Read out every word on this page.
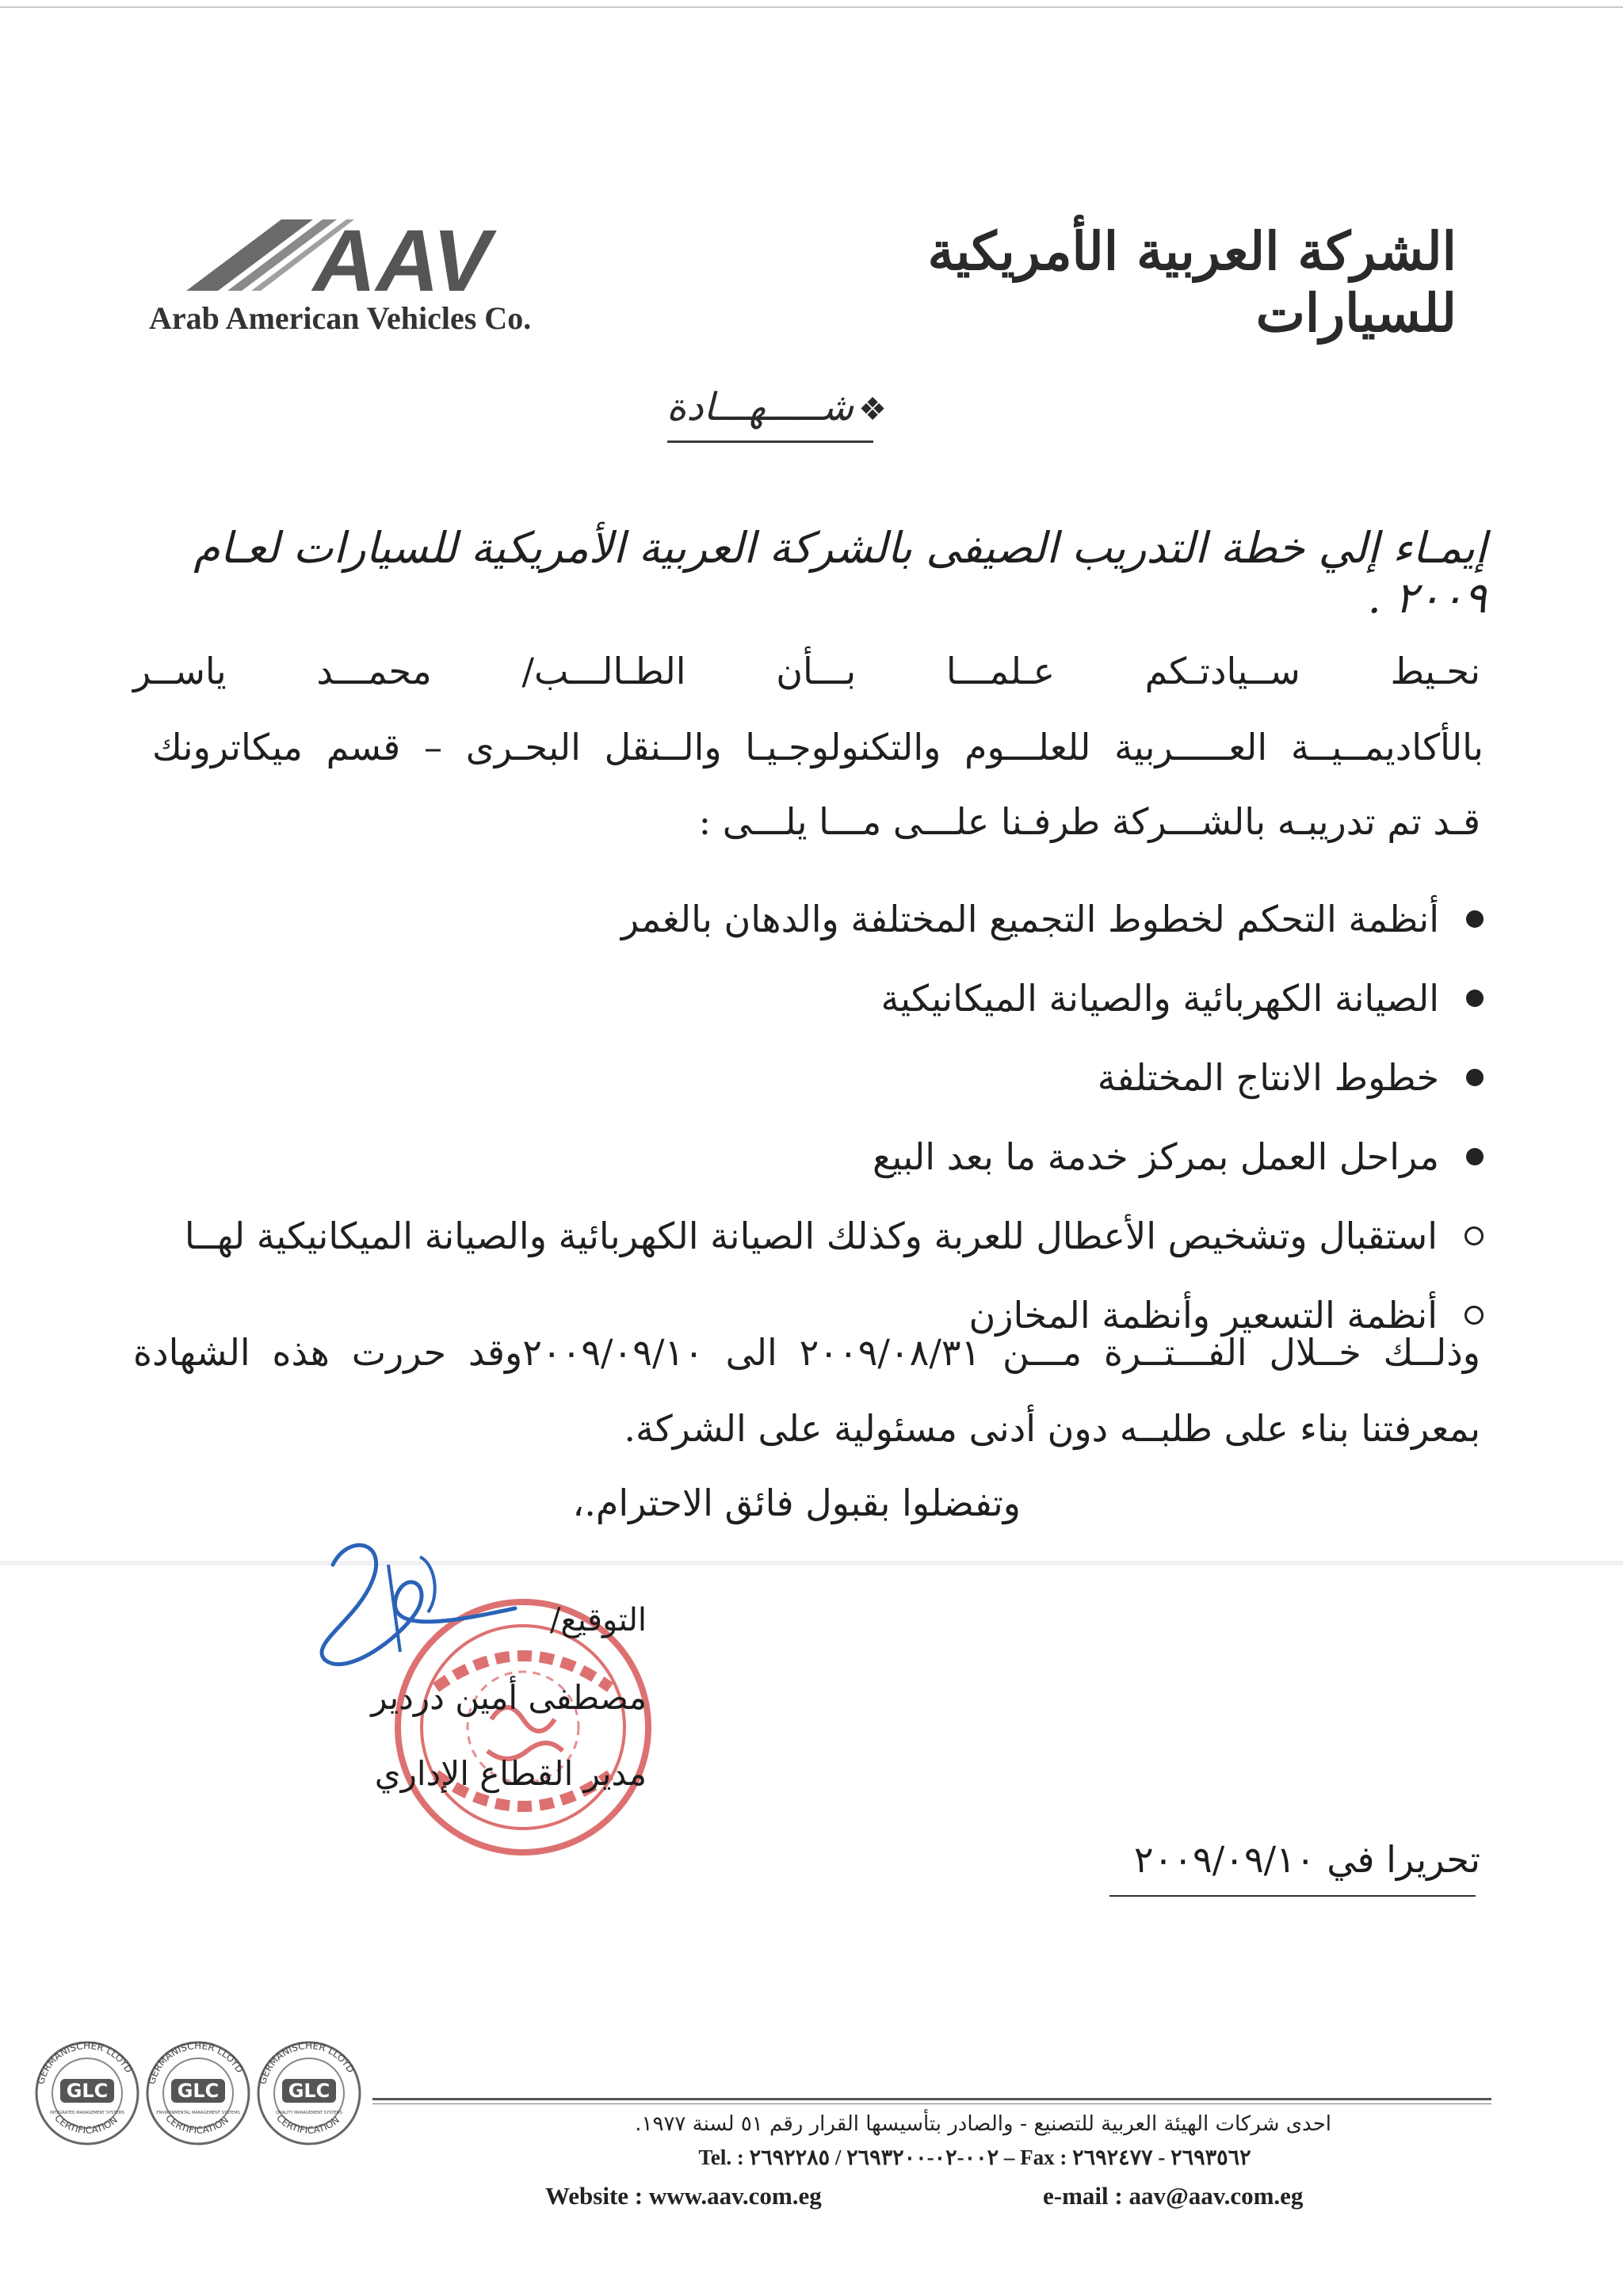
الشركة العربية الأمريكية للسيارات
AAV
Arab American Vehicles Co.
❖شـــــهـــادة
إيمـاء إلي خطة التدريب الصيفى بالشركة العربية الأمريكية للسيارات لعـام ٢٠٠٩ .
نحـيط ســيادتـكم عـلمـــا بـــأن الطـالـــب/ محمـــد ياســر
بالأكاديمــيــة العـــــربية للعلـــوم والتكنولوجـيـا والــنقل البحـرى – قسم ميكاترونك
قـد تم تدريبـه بالشـــركة طرفـنا علـــى مـــا يلـــى :
أنظمة التحكم لخطوط التجميع المختلفة والدهان بالغمر
الصيانة الكهربائية والصيانة الميكانيكية
خطوط الانتاج المختلفة
مراحل العمل بمركز خدمة ما بعد البيع
استقبال وتشخيص الأعطال للعربة وكذلك الصيانة الكهربائية والصيانة الميكانيكية لهــا
أنظمة التسعير وأنظمة المخازن
وذلــك خــلال الفـــتــرة مـــن ٢٠٠٩/٠٨/٣١ الى ٢٠٠٩/٠٩/١٠وقد حررت هذه الشهادة
بمعرفتنا بناء على طلبــه دون أدنى مسئولية على الشركة.
وتفضلوا بقبول فائق الاحترام.،
التوقيع/
مصطفى أمين دردير
مدير القطاع الإداري
تحريرا في ٢٠٠٩/٠٩/١٠
GERMANISCHER LLOYD
GLC
INTEGRATED MANAGEMENT SYSTEMS
CERTIFICATION
GERMANISCHER LLOYD
GLC
ENVIRONMENTAL MANAGEMENT SYSTEMS
CERTIFICATION
GERMANISCHER LLOYD
GLC
QUALITY MANAGEMENT SYSTEMS
CERTIFICATION	احدى شركات الهيئة العربية للتصنيع - والصادر بتأسيسها القرار رقم ٥١ لسنة ١٩٧٧.
Tel. : ٠٠٢-٠٢-٢٦٩٣٢٠٠ / ٢٦٩٢٢٨٥ – Fax : ٢٦٩٣٥٦٢ - ٢٦٩٢٤٧٧
Website : www.aav.com.eg	e-mail : aav@aav.com.eg
